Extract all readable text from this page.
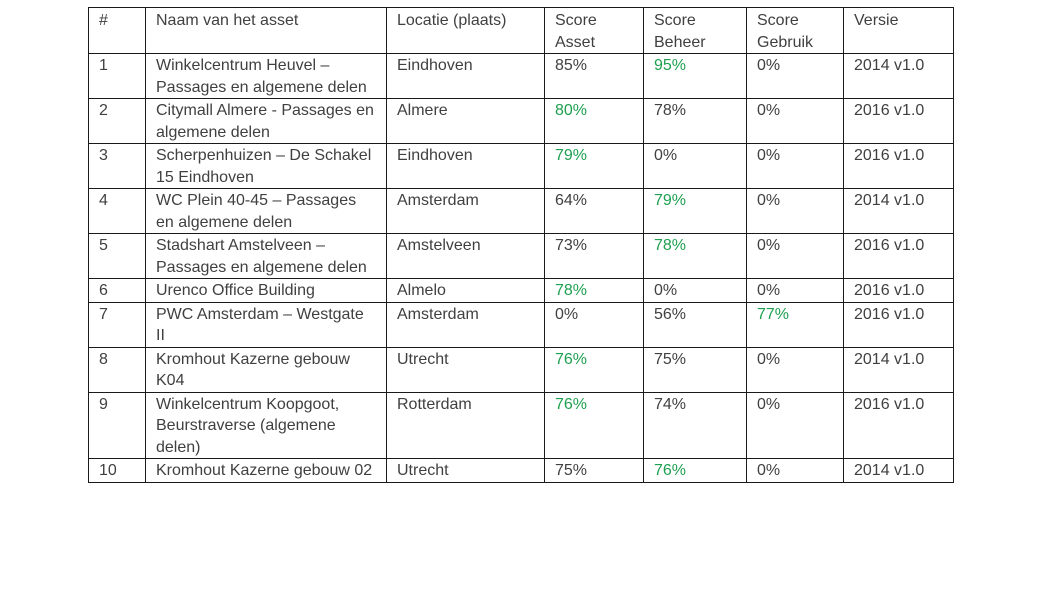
#	Naam van het asset	Locatie (plaats)	Score Asset	Score Beheer	Score Gebruik	Versie
1	Winkelcentrum Heuvel – Passages en algemene delen	Eindhoven	85%	95%	0%	2014 v1.0
2	Citymall Almere - Passages en algemene delen	Almere	80%	78%	0%	2016 v1.0
3	Scherpenhuizen – De Schakel 15 Eindhoven	Eindhoven	79%	0%	0%	2016 v1.0
4	WC Plein 40-45 – Passages en algemene delen	Amsterdam	64%	79%	0%	2014 v1.0
5	Stadshart Amstelveen – Passages en algemene delen	Amstelveen	73%	78%	0%	2016 v1.0
6	Urenco Office Building	Almelo	78%	0%	0%	2016 v1.0
7	PWC Amsterdam – Westgate II	Amsterdam	0%	56%	77%	2016 v1.0
8	Kromhout Kazerne gebouw K04	Utrecht	76%	75%	0%	2014 v1.0
9	Winkelcentrum Koopgoot, Beurstraverse (algemene delen)	Rotterdam	76%	74%	0%	2016 v1.0
10	Kromhout Kazerne gebouw 02	Utrecht	75%	76%	0%	2014 v1.0
